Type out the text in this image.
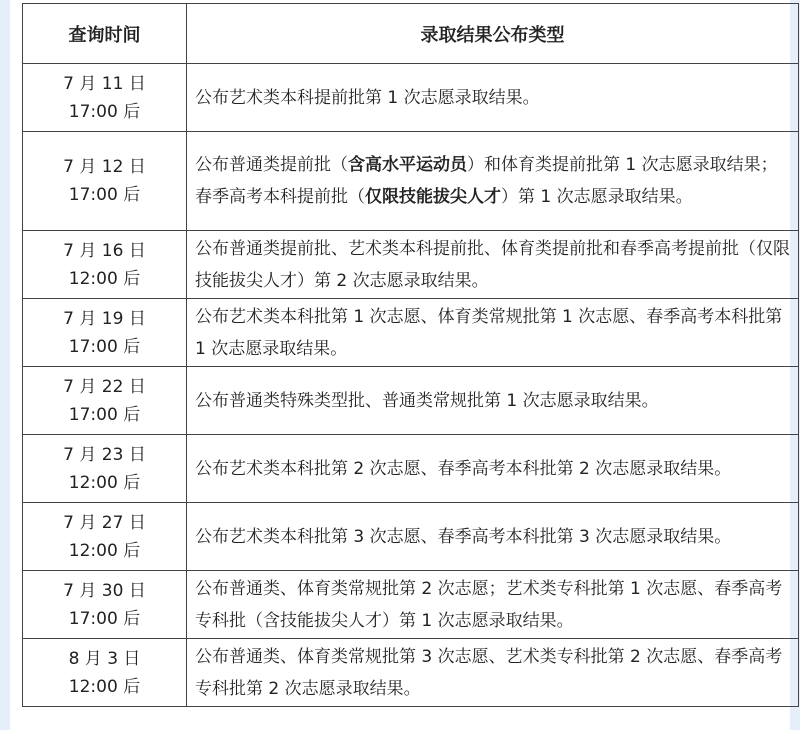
查询时间	录取结果公布类型

7 月 11 日
17:00 后	公布艺术类本科提前批第 1 次志愿录取结果。

7 月 12 日
17:00 后	公布普通类提前批（含高水平运动员）和体育类提前批第 1 次志愿录取结果；春季高考本科提前批（仅限技能拔尖人才）第 1 次志愿录取结果。

7 月 16 日
12:00 后	公布普通类提前批、艺术类本科提前批、体育类提前批和春季高考提前批（仅限技能拔尖人才）第 2 次志愿录取结果。

7 月 19 日
17:00 后	公布艺术类本科批第 1 次志愿、体育类常规批第 1 次志愿、春季高考本科批第 1 次志愿录取结果。

7 月 22 日
17:00 后	公布普通类特殊类型批、普通类常规批第 1 次志愿录取结果。

7 月 23 日
12:00 后	公布艺术类本科批第 2 次志愿、春季高考本科批第 2 次志愿录取结果。

7 月 27 日
12:00 后	公布艺术类本科批第 3 次志愿、春季高考本科批第 3 次志愿录取结果。

7 月 30 日
17:00 后	公布普通类、体育类常规批第 2 次志愿；艺术类专科批第 1 次志愿、春季高考专科批（含技能拔尖人才）第 1 次志愿录取结果。

8 月 3 日
12:00 后	公布普通类、体育类常规批第 3 次志愿、艺术类专科批第 2 次志愿、春季高考专科批第 2 次志愿录取结果。
